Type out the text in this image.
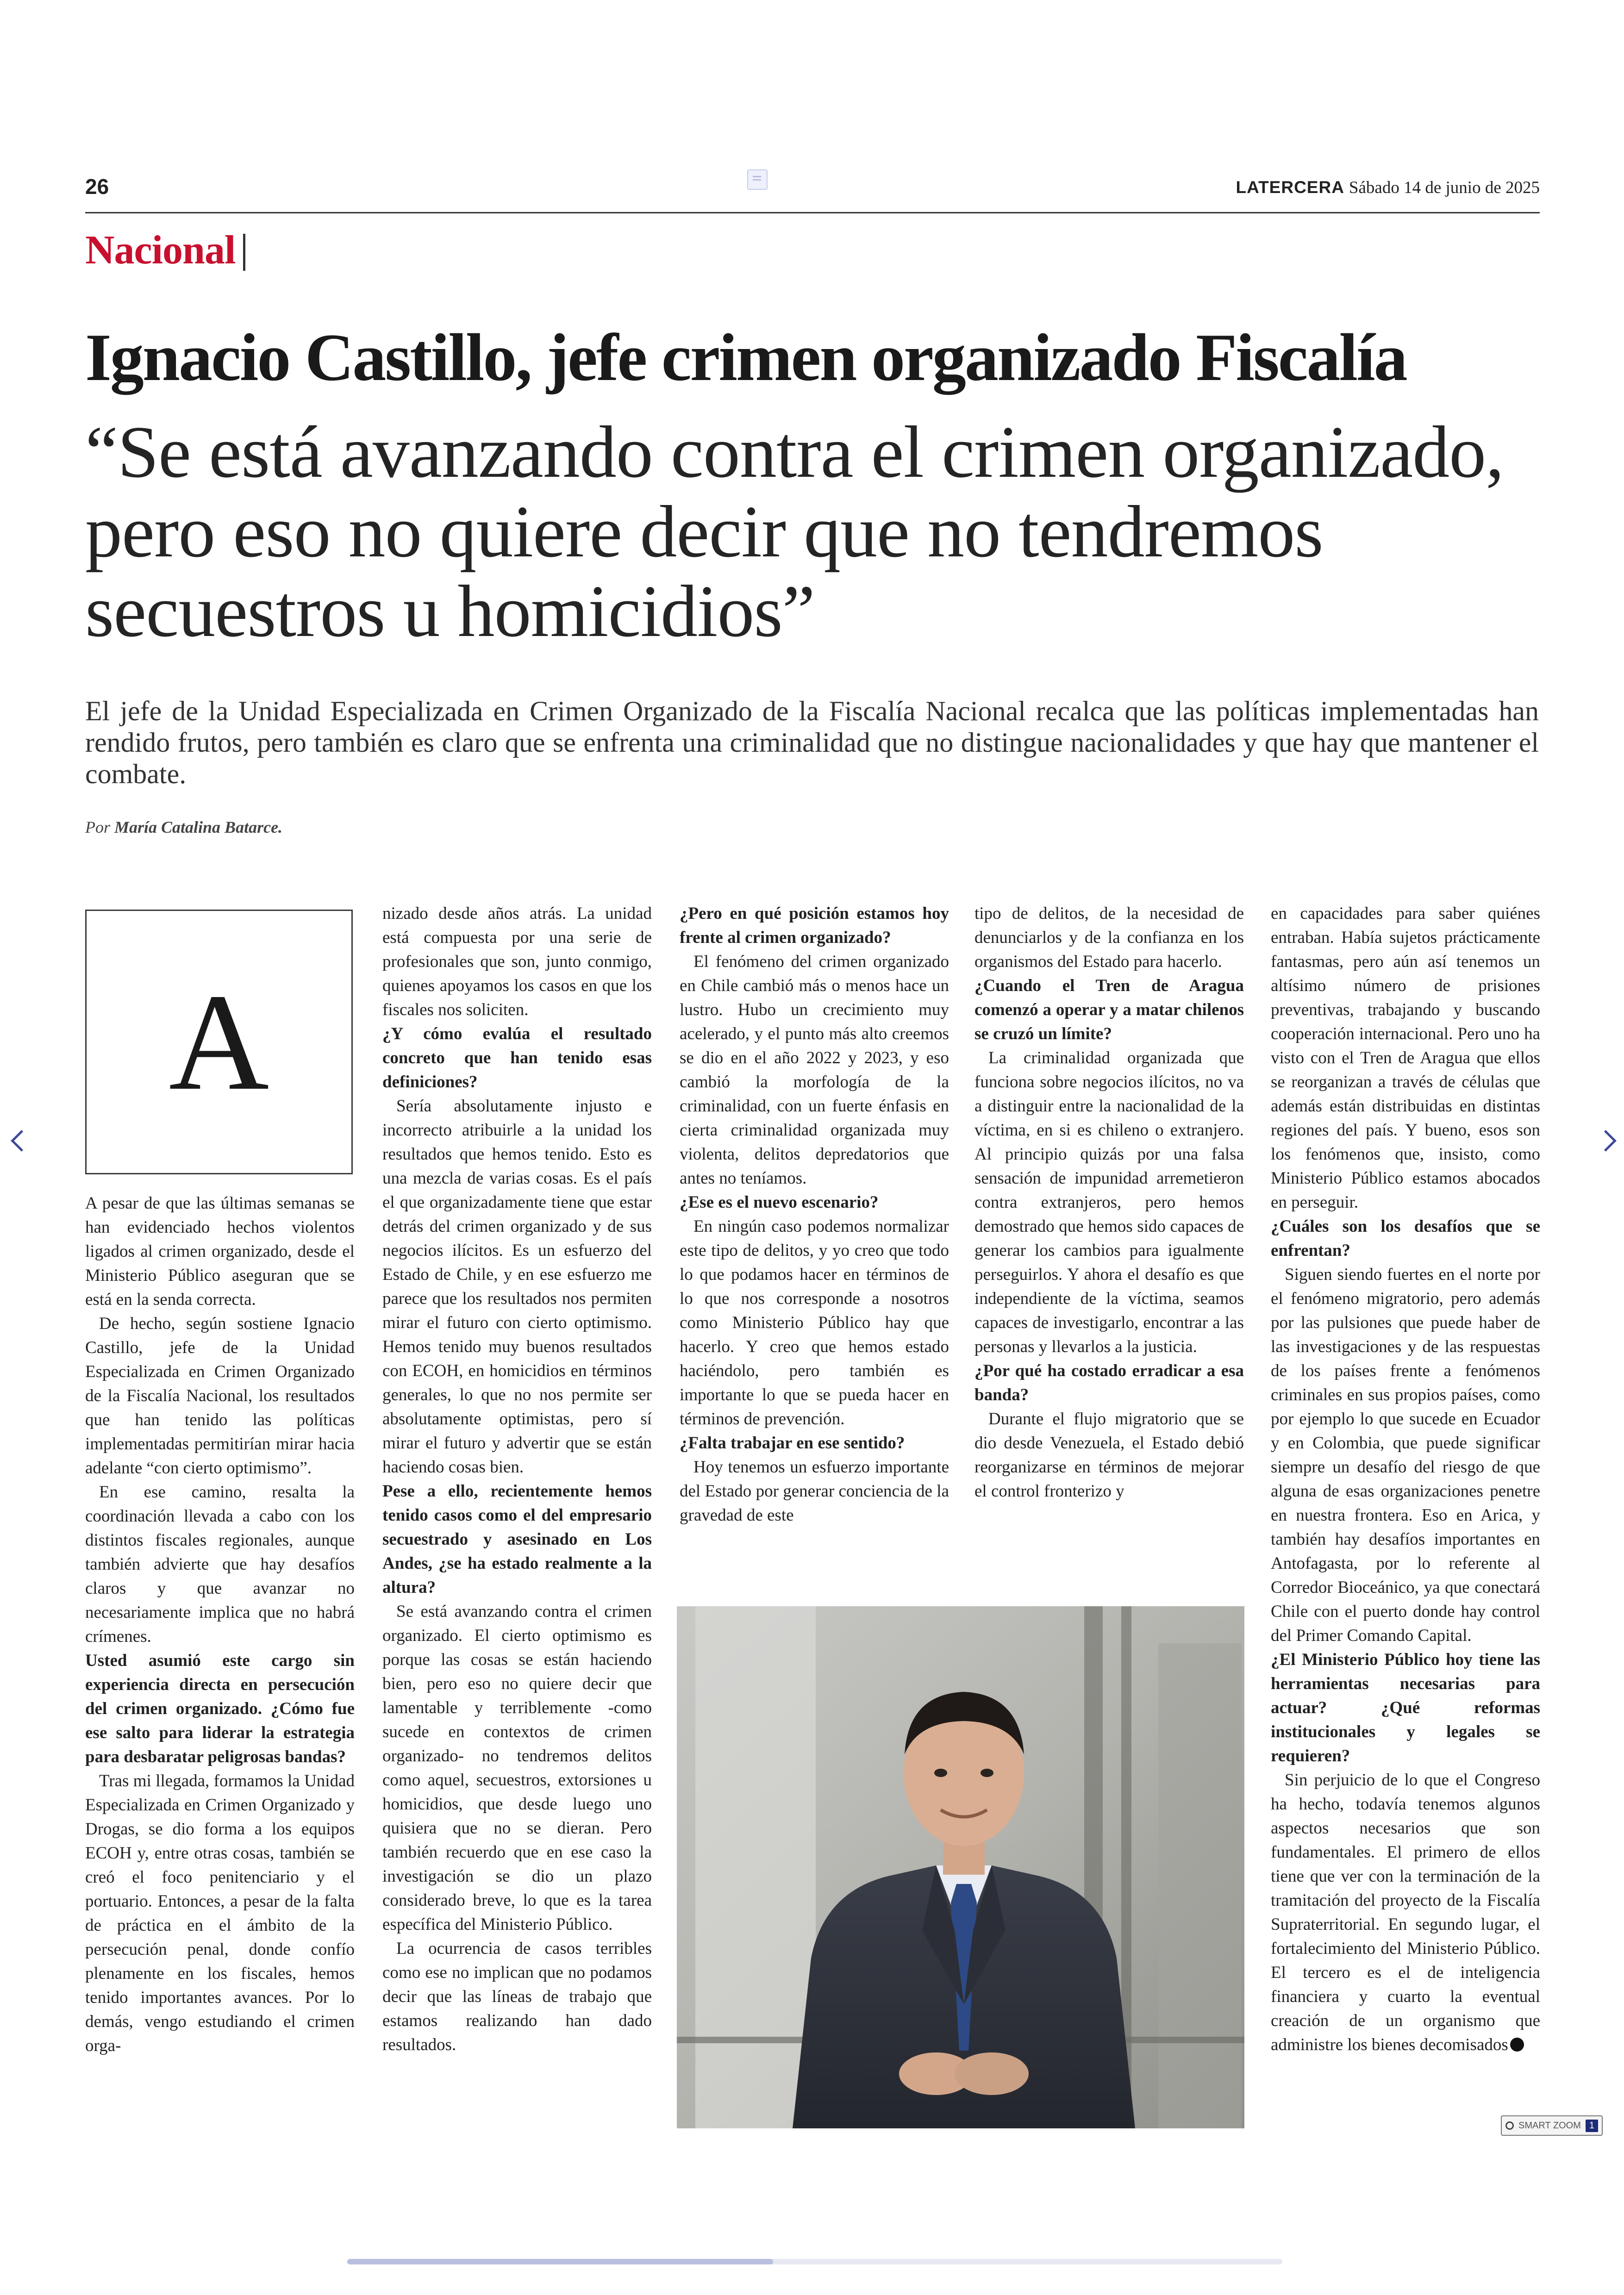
26	LATERCERA Sábado 14 de junio de 2025
Nacional
Ignacio Castillo, jefe crimen organizado Fiscalía
“Se está avanzando contra el crimen organizado, pero eso no quiere decir que no tendremos secuestros u homicidios”
El jefe de la Unidad Especializada en Crimen Organizado de la Fiscalía Nacional recalca que las políticas implementadas han rendido frutos, pero también es claro que se enfrenta una criminalidad que no distingue nacionalidades y que hay que mantener el combate.
Por María Catalina Batarce.
A

A pesar de que las últimas semanas se han evidenciado hechos violentos ligados al crimen organizado, desde el Ministerio Público aseguran que se está en la senda correcta.

De hecho, según sostiene Ignacio Castillo, jefe de la Unidad Especializada en Crimen Organizado de la Fiscalía Nacional, los resultados que han tenido las políticas implementadas permitirían mirar hacia adelante “con cierto optimismo”.

En ese camino, resalta la coordinación llevada a cabo con los distintos fiscales regionales, aunque también advierte que hay desafíos claros y que avanzar no necesariamente implica que no habrá crímenes.

Usted asumió este cargo sin experiencia directa en persecución del crimen organizado. ¿Cómo fue ese salto para liderar la estrategia para desbaratar peligrosas bandas?

Tras mi llegada, formamos la Unidad Especializada en Crimen Organizado y Drogas, se dio forma a los equipos ECOH y, entre otras cosas, también se creó el foco penitenciario y el portuario. Entonces, a pesar de la falta de práctica en el ámbito de la persecución penal, donde confío plenamente en los fiscales, hemos tenido importantes avances. Por lo demás, vengo estudiando el crimen orga-

nizado desde años atrás. La unidad está compuesta por una serie de profesionales que son, junto conmigo, quienes apoyamos los casos en que los fiscales nos soliciten.

¿Y cómo evalúa el resultado concreto que han tenido esas definiciones?

Sería absolutamente injusto e incorrecto atribuirle a la unidad los resultados que hemos tenido. Esto es una mezcla de varias cosas. Es el país el que organizadamente tiene que estar detrás del crimen organizado y de sus negocios ilícitos. Es un esfuerzo del Estado de Chile, y en ese esfuerzo me parece que los resultados nos permiten mirar el futuro con cierto optimismo. Hemos tenido muy buenos resultados con ECOH, en homicidios en términos generales, lo que no nos permite ser absolutamente optimistas, pero sí mirar el futuro y advertir que se están haciendo cosas bien.

Pese a ello, recientemente hemos tenido casos como el del empresario secuestrado y asesinado en Los Andes, ¿se ha estado realmente a la altura?

Se está avanzando contra el crimen organizado. El cierto optimismo es porque las cosas se están haciendo bien, pero eso no quiere decir que lamentable y terriblemente -como sucede en contextos de crimen organizado- no tendremos delitos como aquel, secuestros, extorsiones u homicidios, que desde luego uno quisiera que no se dieran. Pero también recuerdo que en ese caso la investigación se dio un plazo considerado breve, lo que es la tarea específica del Ministerio Público.

La ocurrencia de casos terribles como ese no implican que no podamos decir que las líneas de trabajo que estamos realizando han dado resultados.

¿Pero en qué posición estamos hoy frente al crimen organizado?

El fenómeno del crimen organizado en Chile cambió más o menos hace un lustro. Hubo un crecimiento muy acelerado, y el punto más alto creemos se dio en el año 2022 y 2023, y eso cambió la morfología de la criminalidad, con un fuerte énfasis en cierta criminalidad organizada muy violenta, delitos depredatorios que antes no teníamos.

¿Ese es el nuevo escenario?

En ningún caso podemos normalizar este tipo de delitos, y yo creo que todo lo que podamos hacer en términos de lo que nos corresponde a nosotros como Ministerio Público hay que hacerlo. Y creo que hemos estado haciéndolo, pero también es importante lo que se pueda hacer en términos de prevención.

¿Falta trabajar en ese sentido?

Hoy tenemos un esfuerzo importante del Estado por generar conciencia de la gravedad de este

tipo de delitos, de la necesidad de denunciarlos y de la confianza en los organismos del Estado para hacerlo.

¿Cuando el Tren de Aragua comenzó a operar y a matar chilenos se cruzó un límite?

La criminalidad organizada que funciona sobre negocios ilícitos, no va a distinguir entre la nacionalidad de la víctima, en si es chileno o extranjero. Al principio quizás por una falsa sensación de impunidad arremetieron contra extranjeros, pero hemos demostrado que hemos sido capaces de generar los cambios para igualmente perseguirlos. Y ahora el desafío es que independiente de la víctima, seamos capaces de investigarlo, encontrar a las personas y llevarlos a la justicia.

¿Por qué ha costado erradicar a esa banda?

Durante el flujo migratorio que se dio desde Venezuela, el Estado debió reorganizarse en términos de mejorar el control fronterizo y

en capacidades para saber quiénes entraban. Había sujetos prácticamente fantasmas, pero aún así tenemos un altísimo número de prisiones preventivas, trabajando y buscando cooperación internacional. Pero uno ha visto con el Tren de Aragua que ellos se reorganizan a través de células que además están distribuidas en distintas regiones del país. Y bueno, esos son los fenómenos que, insisto, como Ministerio Público estamos abocados en perseguir.

¿Cuáles son los desafíos que se enfrentan?

Siguen siendo fuertes en el norte por el fenómeno migratorio, pero además por las pulsiones que puede haber de las investigaciones y de las respuestas de los países frente a fenómenos criminales en sus propios países, como por ejemplo lo que sucede en Ecuador y en Colombia, que puede significar siempre un desafío del riesgo de que alguna de esas organizaciones penetre en nuestra frontera. Eso en Arica, y también hay desafíos importantes en Antofagasta, por lo referente al Corredor Bioceánico, ya que conectará Chile con el puerto donde hay control del Primer Comando Capital.

¿El Ministerio Público hoy tiene las herramientas necesarias para actuar? ¿Qué reformas institucionales y legales se requieren?

Sin perjuicio de lo que el Congreso ha hecho, todavía tenemos algunos aspectos necesarios que son fundamentales. El primero de ellos tiene que ver con la terminación de la tramitación del proyecto de la Fiscalía Supraterritorial. En segundo lugar, el fortalecimiento del Ministerio Público. El tercero es el de inteligencia financiera y cuarto la eventual creación de un organismo que administre los bienes decomisados

SMART ZOOM 1
